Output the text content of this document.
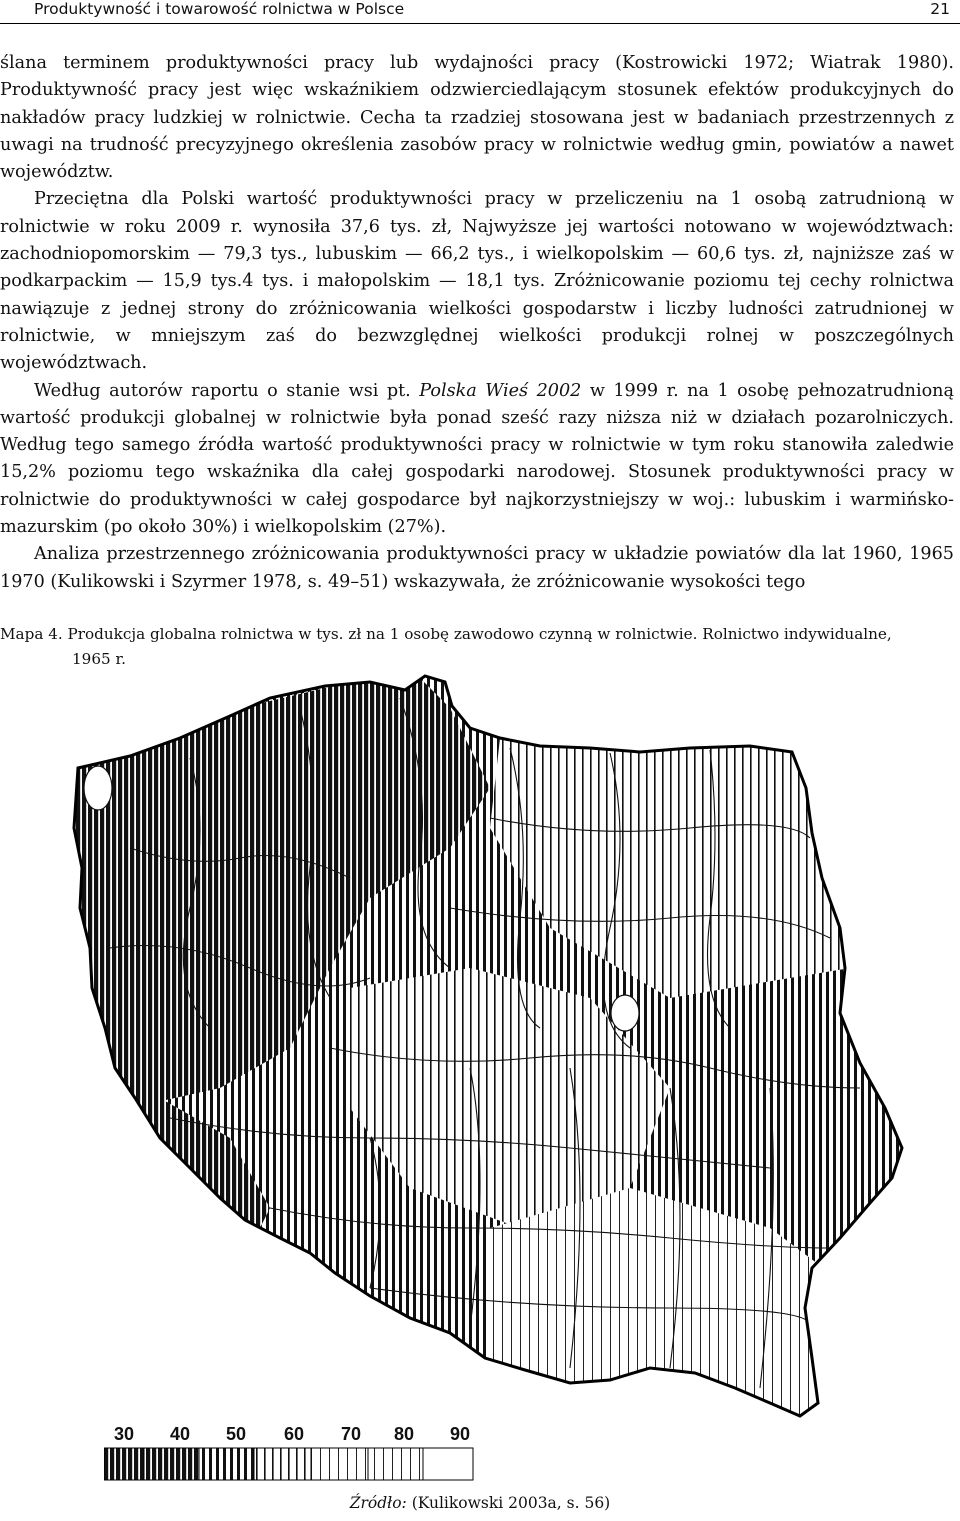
Produktywność i towarowość rolnictwa w Polsce	21

ślana terminem produktywności pracy lub wydajności pracy (Kostrowicki 1972; Wiatrak 1980). Produktywność pracy jest więc wskaźnikiem odzwierciedlającym stosunek efektów produkcyjnych do nakładów pracy ludzkiej w rolnictwie. Cecha ta rzadziej stosowana jest w badaniach przestrzennych z uwagi na trudność precyzyjnego określenia zasobów pracy w rolnictwie według gmin, powiatów a nawet województw.

Przeciętna dla Polski wartość produktywności pracy w przeliczeniu na 1 osobą zatrudnioną w rolnictwie w roku 2009 r. wynosiła 37,6 tys. zł, Najwyższe jej wartości notowano w województwach: zachodniopomorskim — 79,3 tys., lubuskim — 66,2 tys., i wielkopolskim — 60,6 tys. zł, najniższe zaś w podkarpackim — 15,9 tys.4 tys. i małopolskim — 18,1 tys. Zróżnicowanie poziomu tej cechy rolnictwa nawiązuje z jednej strony do zróżnicowania wielkości gospodarstw i liczby ludności zatrudnionej w rolnictwie, w mniejszym zaś do bezwzględnej wielkości produkcji rolnej w poszczególnych województwach.

Według autorów raportu o stanie wsi pt. Polska Wieś 2002 w 1999 r. na 1 osobę pełnozatrudnioną wartość produkcji globalnej w rolnictwie była ponad sześć razy niższa niż w działach pozarolniczych. Według tego samego źródła wartość produktywności pracy w rolnictwie w tym roku stanowiła zaledwie 15,2% poziomu tego wskaźnika dla całej gospodarki narodowej. Stosunek produktywności pracy w rolnictwie do produktywności w całej gospodarce był najkorzystniejszy w woj.: lubuskim i warmińsko-mazurskim (po około 30%) i wielkopolskim (27%).

Analiza przestrzennego zróżnicowania produktywności pracy w układzie powiatów dla lat 1960, 1965 1970 (Kulikowski i Szyrmer 1978, s. 49–51) wskazywała, że zróżnicowanie wysokości tego

Mapa 4. Produkcja globalna rolnictwa w tys. zł na 1 osobę zawodowo czynną w rolnictwie. Rolnictwo indywidualne,
1965 r.
30 40 50 60 70 80 90
Źródło: (Kulikowski 2003a, s. 56)
